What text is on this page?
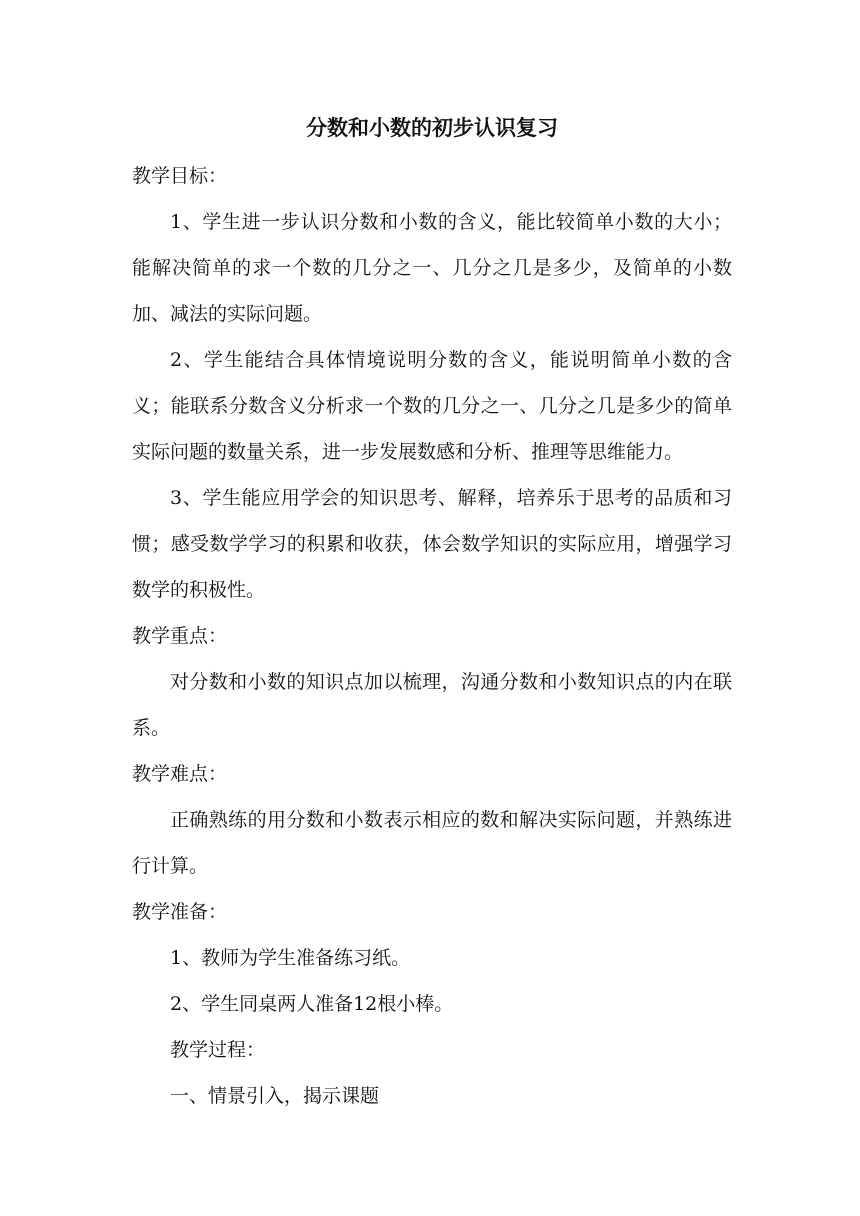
分数和小数的初步认识复习

教学目标：

1、学生进一步认识分数和小数的含义，能比较简单小数的大小；能解决简单的求一个数的几分之一、几分之几是多少，及简单的小数加、减法的实际问题。

2、学生能结合具体情境说明分数的含义，能说明简单小数的含义；能联系分数含义分析求一个数的几分之一、几分之几是多少的简单实际问题的数量关系，进一步发展数感和分析、推理等思维能力。

3、学生能应用学会的知识思考、解释，培养乐于思考的品质和习惯；感受数学学习的积累和收获，体会数学知识的实际应用，增强学习数学的积极性。

教学重点：

对分数和小数的知识点加以梳理，沟通分数和小数知识点的内在联系。

教学难点：

正确熟练的用分数和小数表示相应的数和解决实际问题，并熟练进行计算。

教学准备：

1、教师为学生准备练习纸。

2、学生同桌两人准备12根小棒。

教学过程：

一、情景引入，揭示课题
